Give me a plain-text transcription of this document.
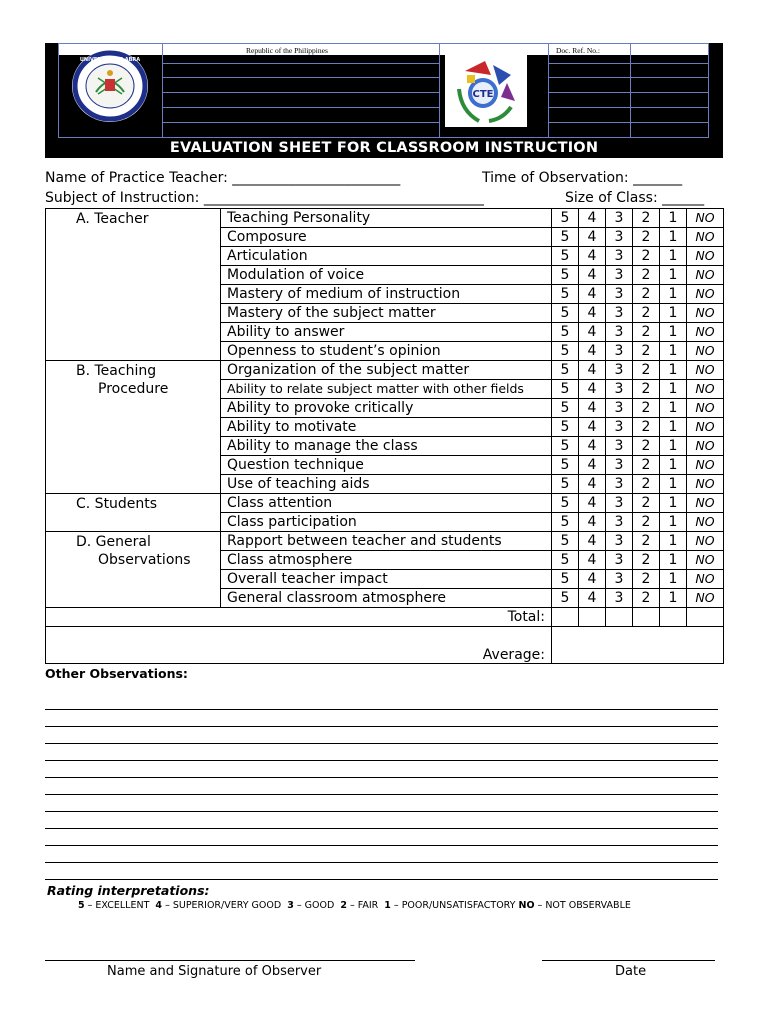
Republic of the Philippines	Doc. Ref. No.:
UNIVERSITY OF ABRA
CTE
EVALUATION SHEET FOR CLASSROOM INSTRUCTION
Name of Practice Teacher: ________________________	Time of Observation: _______
Subject of Instruction: ________________________________________	Size of Class: ______
A. Teacher	Teaching Personality	5	4	3	2	1	NO
	Composure	5	4	3	2	1	NO
	Articulation	5	4	3	2	1	NO
	Modulation of voice	5	4	3	2	1	NO
	Mastery of medium of instruction	5	4	3	2	1	NO
	Mastery of the subject matter	5	4	3	2	1	NO
	Ability to answer	5	4	3	2	1	NO
	Openness to student’s opinion	5	4	3	2	1	NO
B. Teaching
Procedure	Organization of the subject matter	5	4	3	2	1	NO
	Ability to relate subject matter with other fields	5	4	3	2	1	NO
	Ability to provoke critically	5	4	3	2	1	NO
	Ability to motivate	5	4	3	2	1	NO
	Ability to manage the class	5	4	3	2	1	NO
	Question technique	5	4	3	2	1	NO
	Use of teaching aids	5	4	3	2	1	NO
C. Students	Class attention	5	4	3	2	1	NO
	Class participation	5	4	3	2	1	NO
D. General
Observations	Rapport between teacher and students	5	4	3	2	1	NO
	Class atmosphere	5	4	3	2	1	NO
	Overall teacher impact	5	4	3	2	1	NO
	General classroom atmosphere	5	4	3	2	1	NO
Total:							
Average:							
Other Observations:
Rating interpretations:
5 – EXCELLENT  4 – SUPERIOR/VERY GOOD  3 – GOOD  2 – FAIR  1 – POOR/UNSATISFACTORY NO – NOT OBSERVABLE
Name and Signature of Observer	Date
